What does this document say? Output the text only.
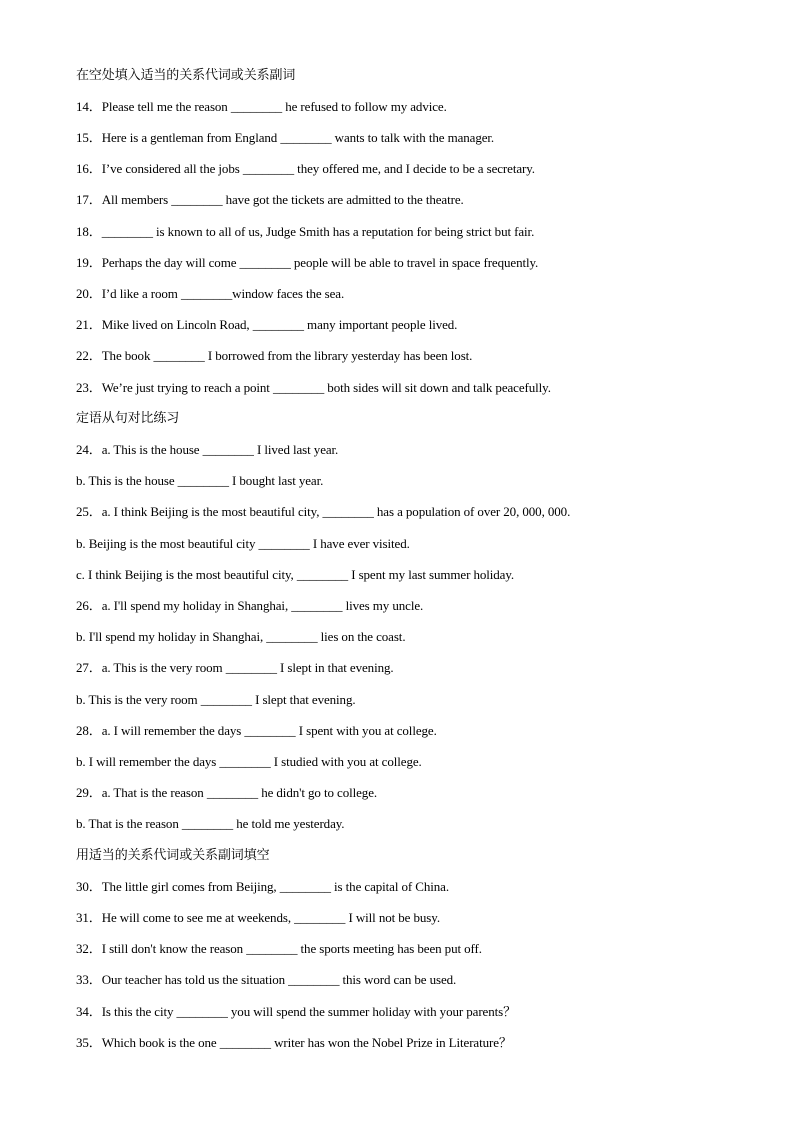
在空处填入适当的关系代词或关系副词
14．Please tell me the reason ________ he refused to follow my advice.
15．Here is a gentleman from England ________ wants to talk with the manager.
16．I’ve considered all the jobs ________ they offered me, and I decide to be a secretary.
17．All members ________ have got the tickets are admitted to the theatre.
18．________ is known to all of us, Judge Smith has a reputation for being strict but fair.
19．Perhaps the day will come ________ people will be able to travel in space frequently.
20．I’d like a room ________window faces the sea.
21．Mike lived on Lincoln Road, ________ many important people lived.
22．The book ________ I borrowed from the library yesterday has been lost.
23．We’re just trying to reach a point ________ both sides will sit down and talk peacefully.
定语从句对比练习
24．a. This is the house ________ I lived last year.
b. This is the house ________ I bought last year.
25．a. I think Beijing is the most beautiful city, ________ has a population of over 20, 000, 000.
b. Beijing is the most beautiful city ________ I have ever visited.
c. I think Beijing is the most beautiful city, ________ I spent my last summer holiday.
26．a. I'll spend my holiday in Shanghai, ________ lives my uncle.
b. I'll spend my holiday in Shanghai, ________ lies on the coast.
27．a. This is the very room ________ I slept in that evening.
b. This is the very room ________ I slept that evening.
28．a. I will remember the days ________ I spent with you at college.
b. I will remember the days ________ I studied with you at college.
29．a. That is the reason ________ he didn't go to college.
b. That is the reason ________ he told me yesterday.
用适当的关系代词或关系副词填空
30．The little girl comes from Beijing, ________ is the capital of China.
31．He will come to see me at weekends, ________ I will not be busy.
32．I still don't know the reason ________ the sports meeting has been put off.
33．Our teacher has told us the situation ________ this word can be used.
34．Is this the city ________ you will spend the summer holiday with your parents？
35．Which book is the one ________ writer has won the Nobel Prize in Literature？
